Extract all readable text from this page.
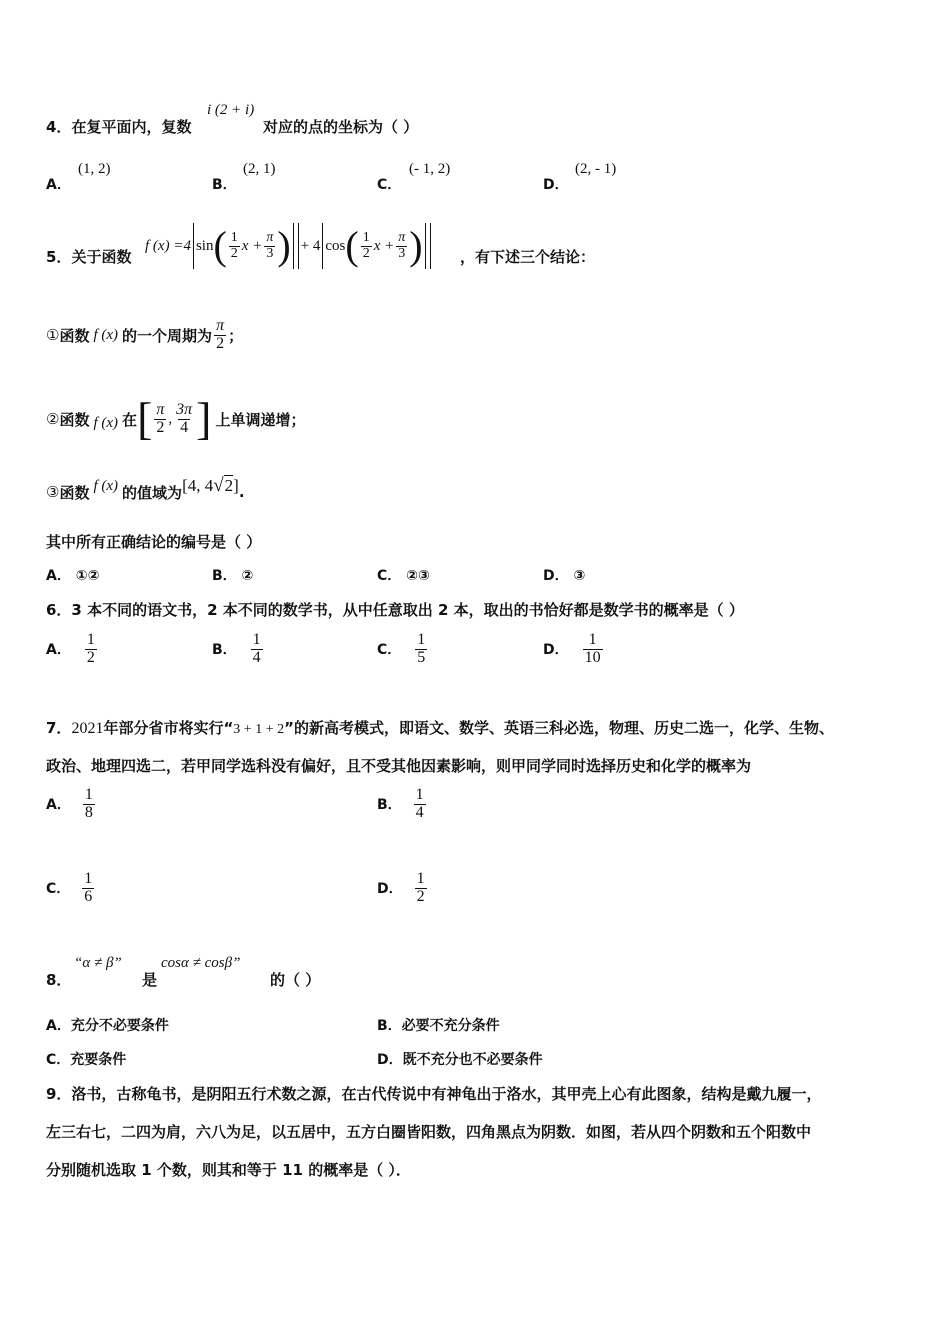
4．在复平面内，复数
i (2 + i)
对应的点的坐标为（ ）
A．
(1, 2)
B．
(2, 1)
C．
(- 1, 2)
D．
(2, - 1)
5．关于函数
f (x) =4 sin ( $\frac{1}{2}$ $x + \frac{\pi}{3}$ ) + 4 cos ( $\frac{1}{2}$ $x + \frac{\pi}{3}$ ) ，有下述三个结论：
① 函数 f (x) 的一个周期为 $\frac{\pi}{2}$ ；
② 函数 f (x) 在 [ $\frac{\pi}{2}$ , $\frac{3\pi}{4}$ ] 上单调递增；
③ 函数 f (x) 的值域为 [4, 4√2] .
其中所有正确结论的编号是（ ）
A． ①②	B． ②	C． ②③	D． ③
6．3 本不同的语文书，2 本不同的数学书，从中任意取出 2 本，取出的书恰好都是数学书的概率是（ ）
A． $\frac{1}{2}$	B． $\frac{1}{4}$	C． $\frac{1}{5}$	D． $\frac{1}{10}$
7．2021年部分省市将实行“3 + 1 + 2”的新高考模式，即语文、数学、英语三科必选，物理、历史二选一，化学、生物、
政治、地理四选二，若甲同学选科没有偏好，且不受其他因素影响，则甲同学同时选择历史和化学的概率为
A． $\frac{1}{8}$	B． $\frac{1}{4}$
C． $\frac{1}{6}$	D． $\frac{1}{2}$
8．
“α ≠ β”
是
cosα ≠ cosβ”
的（ ）
A．充分不必要条件	B．必要不充分条件
C．充要条件	D．既不充分也不必要条件
9．洛书，古称龟书，是阴阳五行术数之源，在古代传说中有神龟出于洛水，其甲壳上心有此图象，结构是戴九履一，
左三右七，二四为肩，六八为足，以五居中，五方白圈皆阳数，四角黑点为阴数．如图，若从四个阴数和五个阳数中
分别随机选取 1 个数，则其和等于 11 的概率是（ ）．
